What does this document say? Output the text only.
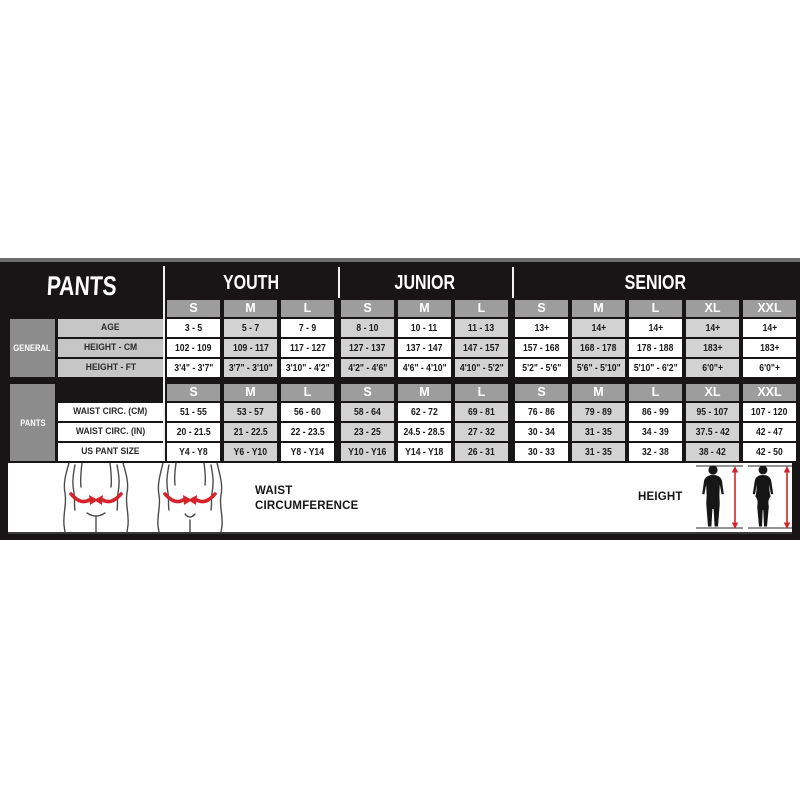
PANTS	YOUTH	JUNIOR	SENIOR
GENERAL
PANTS
WAIST CIRCUMFERENCE
HEIGHT
S	M	L	S	M	L	S	M	L	XL	XXL
S	M	L	S	M	L	S	M	L	XL	XXL
AGE	3 - 5	5 - 7	7 - 9	8 - 10	10 - 11	11 - 13	13+	14+	14+	14+	14+
HEIGHT - CM	102 - 109	109 - 117	117 - 127	127 - 137	137 - 147	147 - 157	157 - 168	168 - 178	178 - 188	183+	183+
HEIGHT - FT	3'4" - 3'7"	3'7" - 3'10"	3'10" - 4'2"	4'2" - 4'6"	4'6" - 4'10"	4'10" - 5'2"	5'2" - 5'6"	5'6" - 5'10"	5'10" - 6'2"	6'0"+	6'0"+
WAIST CIRC. (CM)	51 - 55	53 - 57	56 - 60	58 - 64	62 - 72	69 - 81	76 - 86	79 - 89	86 - 99	95 - 107	107 - 120
WAIST CIRC. (IN)	20 - 21.5	21 - 22.5	22 - 23.5	23 - 25	24.5 - 28.5	27 - 32	30 - 34	31 - 35	34 - 39	37.5 - 42	42 - 47
US PANT SIZE	Y4 - Y8	Y6 - Y10	Y8 - Y14	Y10 - Y16	Y14 - Y18	26 - 31	30 - 33	31 - 35	32 - 38	38 - 42	42 - 50
